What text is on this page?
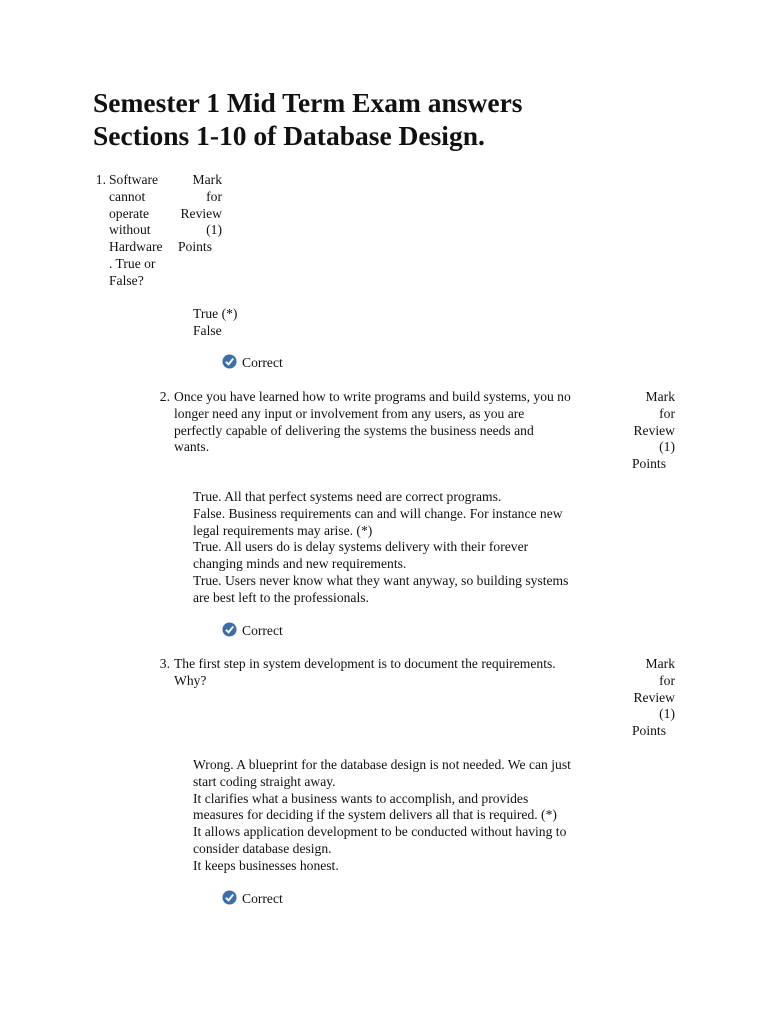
Semester 1 Mid Term Exam answers
Sections 1-10 of Database Design.
1. Software
cannot
operate
without
Hardware
. True or
False?
Mark
for
Review
(1)
Points
True (*)
False
Correct
2. Once you have learned how to write programs and build systems, you no
longer need any input or involvement from any users, as you are
perfectly capable of delivering the systems the business needs and
wants.
Mark
for
Review
(1)
Points
True. All that perfect systems need are correct programs.
False. Business requirements can and will change. For instance new
legal requirements may arise. (*)
True. All users do is delay systems delivery with their forever
changing minds and new requirements.
True. Users never know what they want anyway, so building systems
are best left to the professionals.
Correct
3. The first step in system development is to document the requirements.
Why?
Mark
for
Review
(1)
Points
Wrong. A blueprint for the database design is not needed. We can just
start coding straight away.
It clarifies what a business wants to accomplish, and provides
measures for deciding if the system delivers all that is required. (*)
It allows application development to be conducted without having to
consider database design.
It keeps businesses honest.
Correct
